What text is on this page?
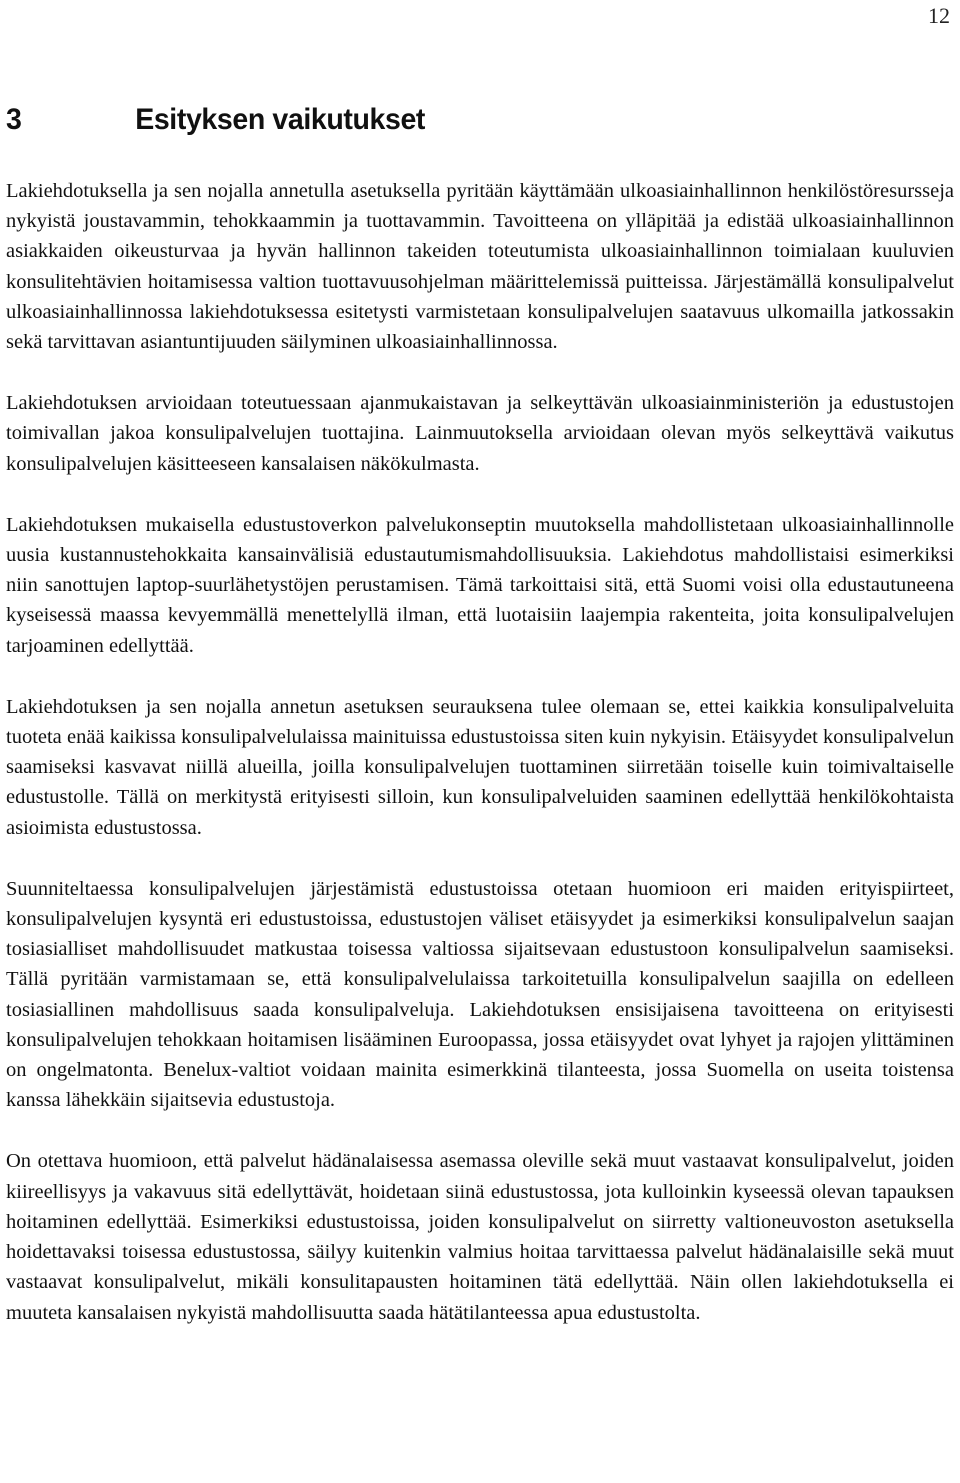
12
3	Esityksen vaikutukset

Lakiehdotuksella ja sen nojalla annetulla asetuksella pyritään käyttämään ulkoasiainhallinnon henkilöstöresursseja nykyistä joustavammin, tehokkaammin ja tuottavammin. Tavoitteena on ylläpitää ja edistää ulkoasiainhallinnon asiakkaiden oikeusturvaa ja hyvän hallinnon takeiden toteutumista ulkoasiainhallinnon toimialaan kuuluvien konsulitehtävien hoitamisessa valtion tuottavuusohjelman määrittelemissä puitteissa. Järjestämällä konsulipalvelut ulkoasiainhallinnossa lakiehdotuksessa esitetysti varmistetaan konsulipalvelujen saatavuus ulkomailla jatkossakin sekä tarvittavan asiantuntijuuden säilyminen ulkoasiainhallinnossa.

Lakiehdotuksen arvioidaan toteutuessaan ajanmukaistavan ja selkeyttävän ulkoasiainministeriön ja edustustojen toimivallan jakoa konsulipalvelujen tuottajina. Lainmuutoksella arvioidaan olevan myös selkeyttävä vaikutus konsulipalvelujen käsitteeseen kansalaisen näkökulmasta.

Lakiehdotuksen mukaisella edustustoverkon palvelukonseptin muutoksella mahdollistetaan ulkoasiainhallinnolle uusia kustannustehokkaita kansainvälisiä edustautumismahdollisuuksia. Lakiehdotus mahdollistaisi esimerkiksi niin sanottujen laptop-suurlähetystöjen perustamisen. Tämä tarkoittaisi sitä, että Suomi voisi olla edustautuneena kyseisessä maassa kevyemmällä menettelyllä ilman, että luotaisiin laajempia rakenteita, joita konsulipalvelujen tarjoaminen edellyttää.

Lakiehdotuksen ja sen nojalla annetun asetuksen seurauksena tulee olemaan se, ettei kaikkia konsulipalveluita tuoteta enää kaikissa konsulipalvelulaissa mainituissa edustustoissa siten kuin nykyisin. Etäisyydet konsulipalvelun saamiseksi kasvavat niillä alueilla, joilla konsulipalvelujen tuottaminen siirretään toiselle kuin toimivaltaiselle edustustolle. Tällä on merkitystä erityisesti silloin, kun konsulipalveluiden saaminen edellyttää henkilökohtaista asioimista edustustossa.

Suunniteltaessa konsulipalvelujen järjestämistä edustustoissa otetaan huomioon eri maiden erityispiirteet, konsulipalvelujen kysyntä eri edustustoissa, edustustojen väliset etäisyydet ja esimerkiksi konsulipalvelun saajan tosiasialliset mahdollisuudet matkustaa toisessa valtiossa sijaitsevaan edustustoon konsulipalvelun saamiseksi. Tällä pyritään varmistamaan se, että konsulipalvelulaissa tarkoitetuilla konsulipalvelun saajilla on edelleen tosiasiallinen mahdollisuus saada konsulipalveluja. Lakiehdotuksen ensisijaisena tavoitteena on erityisesti konsulipalvelujen tehokkaan hoitamisen lisääminen Euroopassa, jossa etäisyydet ovat lyhyet ja rajojen ylittäminen on ongelmatonta. Benelux-valtiot voidaan mainita esimerkkinä tilanteesta, jossa Suomella on useita toistensa kanssa lähekkäin sijaitsevia edustustoja.

On otettava huomioon, että palvelut hädänalaisessa asemassa oleville sekä muut vastaavat konsulipalvelut, joiden kiireellisyys ja vakavuus sitä edellyttävät, hoidetaan siinä edustustossa, jota kulloinkin kyseessä olevan tapauksen hoitaminen edellyttää. Esimerkiksi edustustoissa, joiden konsulipalvelut on siirretty valtioneuvoston asetuksella hoidettavaksi toisessa edustustossa, säilyy kuitenkin valmius hoitaa tarvittaessa palvelut hädänalaisille sekä muut vastaavat konsulipalvelut, mikäli konsulitapausten hoitaminen tätä edellyttää. Näin ollen lakiehdotuksella ei muuteta kansalaisen nykyistä mahdollisuutta saada hätätilanteessa apua edustustolta.
